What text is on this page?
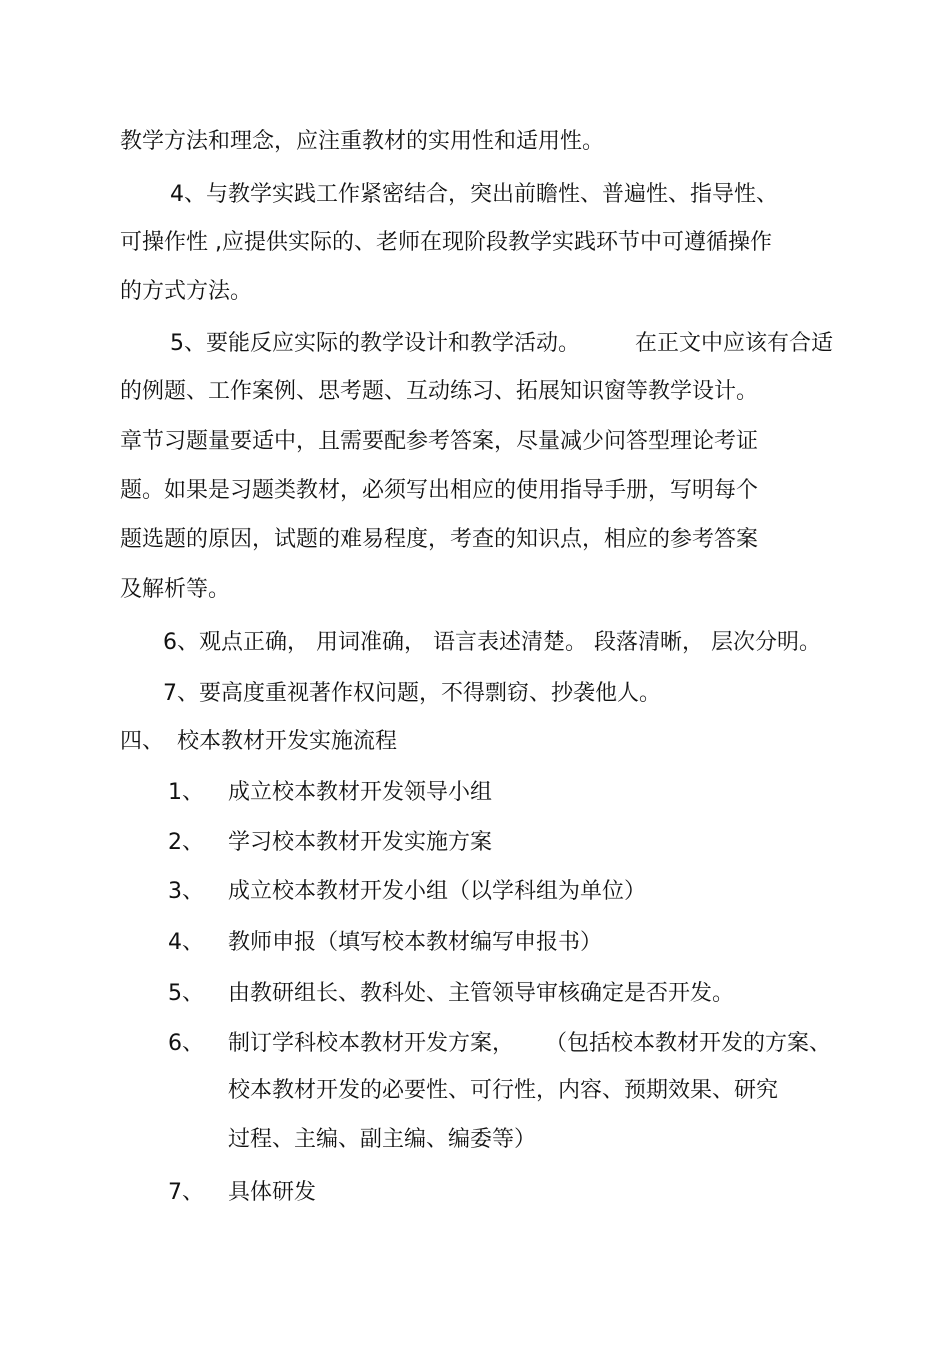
教学方法和理念，应注重教材的实用性和适用性。
4、与教学实践工作紧密结合，突出前瞻性、普遍性、指导性、
可操作性 ,应提供实际的、老师在现阶段教学实践环节中可遵循操作
的方式方法。
5、要能反应实际的教学设计和教学活动。	在正文中应该有合适
的例题、工作案例、思考题、互动练习、拓展知识窗等教学设计。
章节习题量要适中，且需要配参考答案，尽量减少问答型理论考证
题。如果是习题类教材，必须写出相应的使用指导手册，写明每个
题选题的原因，试题的难易程度，考查的知识点，相应的参考答案
及解析等。
6、观点正确， 用词准确， 语言表述清楚。 段落清晰， 层次分明。
7、要高度重视著作权问题，不得剽窃、抄袭他人。
四、 校本教材开发实施流程
1、 成立校本教材开发领导小组
2、 学习校本教材开发实施方案
3、 成立校本教材开发小组（以学科组为单位）
4、 教师申报（填写校本教材编写申报书）
5、 由教研组长、教科处、主管领导审核确定是否开发。
6、 制订学科校本教材开发方案， （包括校本教材开发的方案、
校本教材开发的必要性、可行性，内容、预期效果、研究
过程、主编、副主编、编委等）
7、 具体研发
